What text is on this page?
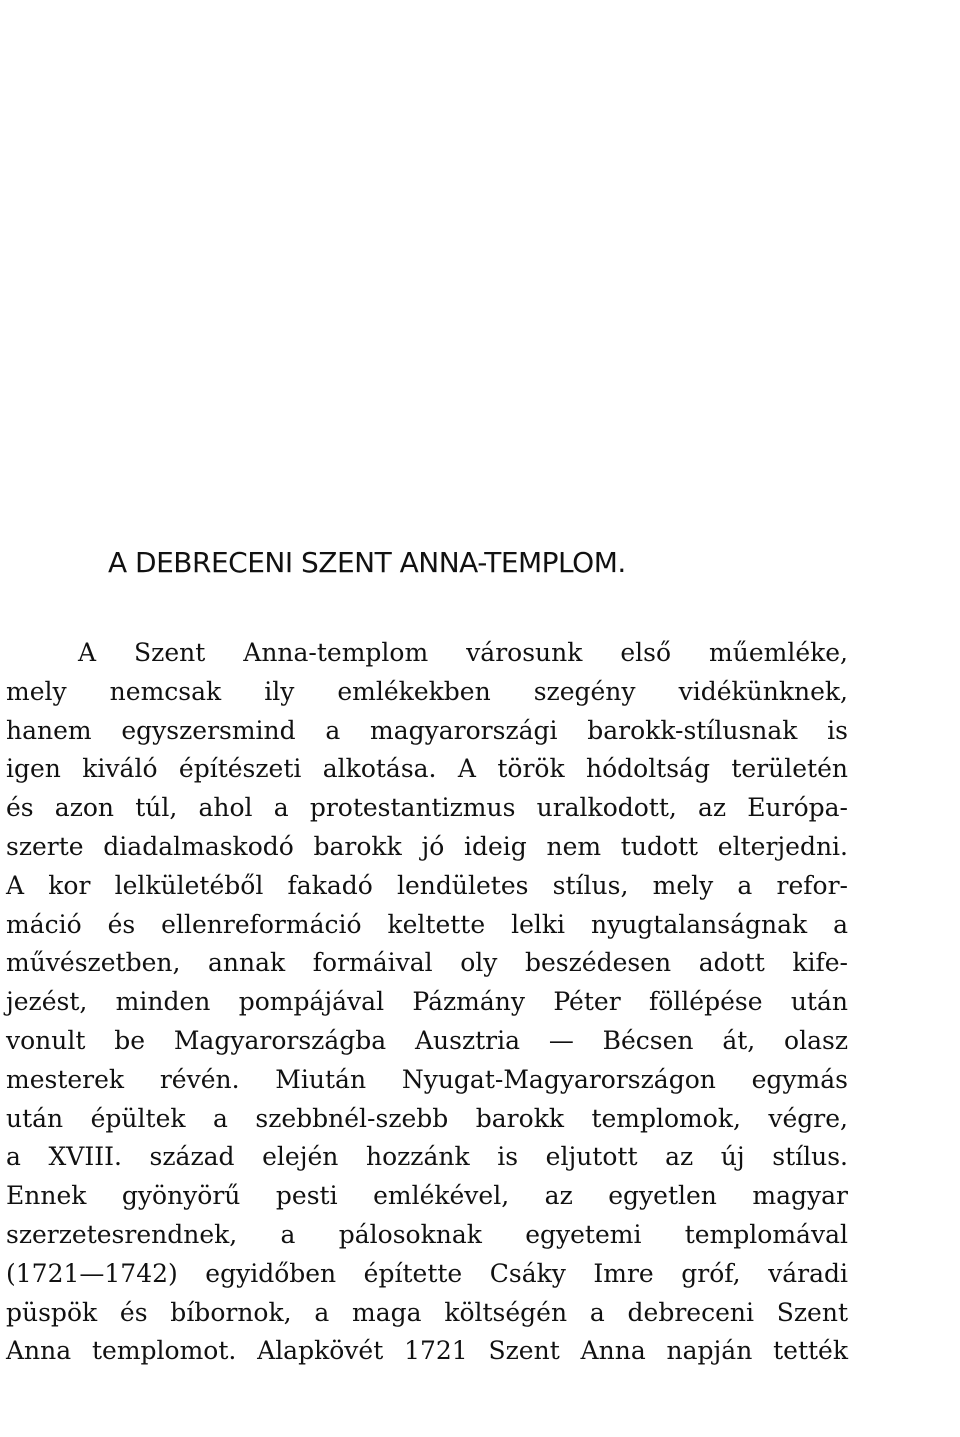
A DEBRECENI SZENT ANNA-TEMPLOM.
A Szent Anna-templom városunk első műemléke,
mely nemcsak ily emlékekben szegény vidékünknek,
hanem egyszersmind a magyarországi barokk-stílusnak is
igen kiváló építészeti alkotása. A török hódoltság területén
és azon túl, ahol a protestantizmus uralkodott, az Európa-
szerte diadalmaskodó barokk jó ideig nem tudott elterjedni.
A kor lelkületéből fakadó lendületes stílus, mely a refor-
máció és ellenreformáció keltette lelki nyugtalanságnak a
művészetben, annak formáival oly beszédesen adott kife-
jezést, minden pompájával Pázmány Péter föllépése után
vonult be Magyarországba Ausztria — Bécsen át, olasz
mesterek révén. Miután Nyugat-Magyarországon egymás
után épültek a szebbnél-szebb barokk templomok, végre,
a XVIII. század elején hozzánk is eljutott az új stílus.
Ennek gyönyörű pesti emlékével, az egyetlen magyar
szerzetesrendnek, a pálosoknak egyetemi templomával
(1721—1742) egyidőben építette Csáky Imre gróf, váradi
püspök és bíbornok, a maga költségén a debreceni Szent
Anna templomot. Alapkövét 1721 Szent Anna napján tették
